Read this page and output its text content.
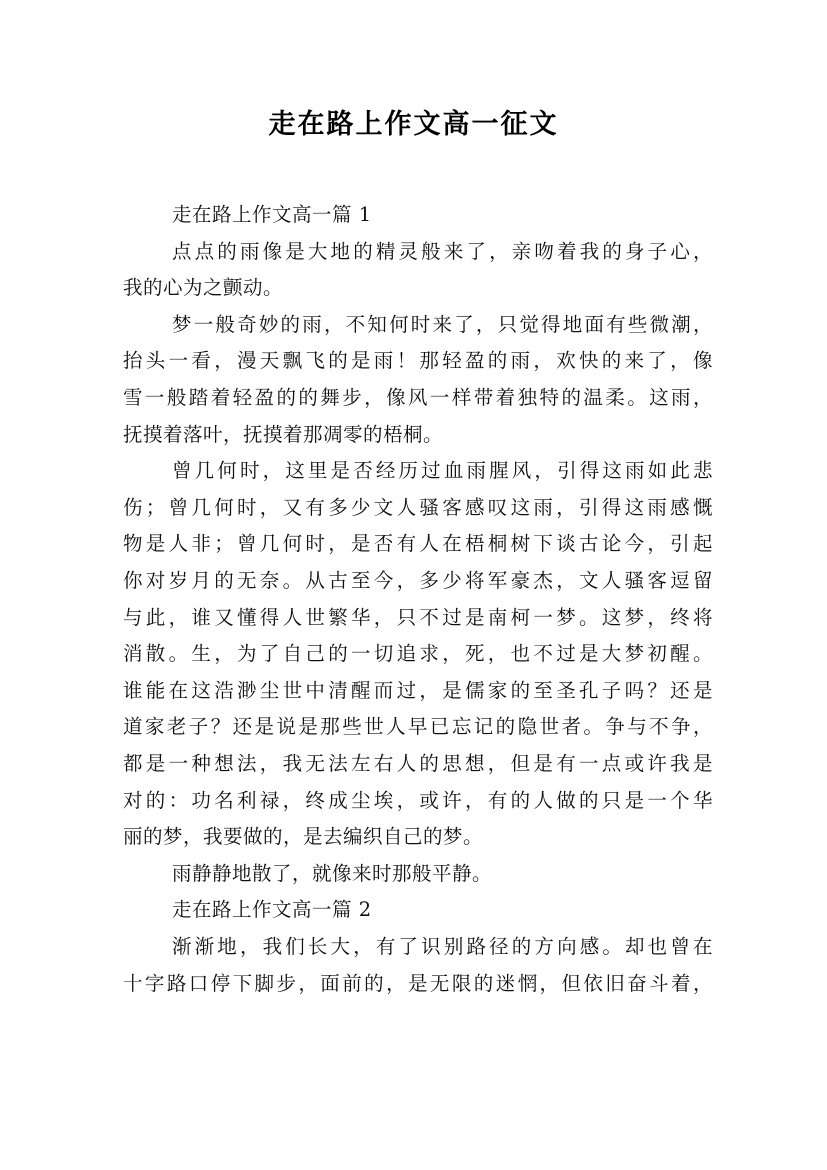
走在路上作文高一征文
走在路上作文高一篇 1
点点的雨像是大地的精灵般来了，亲吻着我的身子心，
我的心为之颤动。
梦一般奇妙的雨，不知何时来了，只觉得地面有些微潮，
抬头一看，漫天飘飞的是雨！那轻盈的雨，欢快的来了，像
雪一般踏着轻盈的的舞步，像风一样带着独特的温柔。这雨，
抚摸着落叶，抚摸着那凋零的梧桐。
曾几何时，这里是否经历过血雨腥风，引得这雨如此悲
伤；曾几何时，又有多少文人骚客感叹这雨，引得这雨感慨
物是人非；曾几何时，是否有人在梧桐树下谈古论今，引起
你对岁月的无奈。从古至今，多少将军豪杰，文人骚客逗留
与此，谁又懂得人世繁华，只不过是南柯一梦。这梦，终将
消散。生，为了自己的一切追求，死，也不过是大梦初醒。
谁能在这浩渺尘世中清醒而过，是儒家的至圣孔子吗？还是
道家老子？还是说是那些世人早已忘记的隐世者。争与不争，
都是一种想法，我无法左右人的思想，但是有一点或许我是
对的：功名利禄，终成尘埃，或许，有的人做的只是一个华
丽的梦，我要做的，是去编织自己的梦。
雨静静地散了，就像来时那般平静。
走在路上作文高一篇 2
渐渐地，我们长大，有了识别路径的方向感。却也曾在
十字路口停下脚步，面前的，是无限的迷惘，但依旧奋斗着，
